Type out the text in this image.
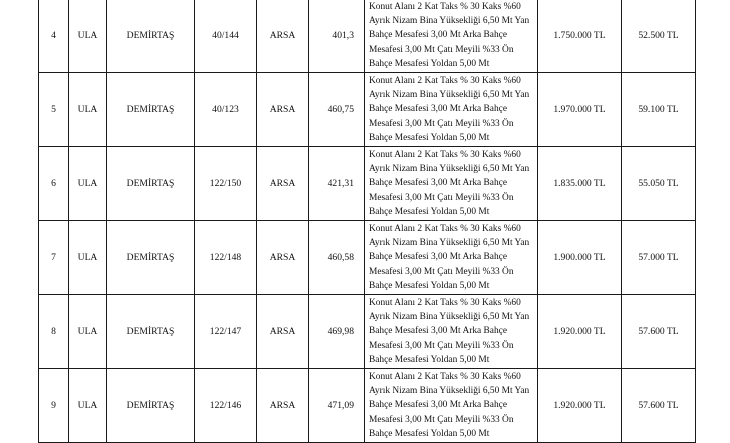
4	ULA	DEMİRTAŞ	40/144	ARSA	401,3	Konut Alanı 2 Kat Taks % 30 Kaks %60
Ayrık Nizam Bina Yüksekliği 6,50 Mt Yan
Bahçe Mesafesi 3,00 Mt Arka Bahçe
Mesafesi 3,00 Mt Çatı Meyili %33 Ön
Bahçe Mesafesi Yoldan 5,00 Mt	1.750.000 TL	52.500 TL
5	ULA	DEMİRTAŞ	40/123	ARSA	460,75	Konut Alanı 2 Kat Taks % 30 Kaks %60
Ayrık Nizam Bina Yüksekliği 6,50 Mt Yan
Bahçe Mesafesi 3,00 Mt Arka Bahçe
Mesafesi 3,00 Mt Çatı Meyili %33 Ön
Bahçe Mesafesi Yoldan 5,00 Mt	1.970.000 TL	59.100 TL
6	ULA	DEMİRTAŞ	122/150	ARSA	421,31	Konut Alanı 2 Kat Taks % 30 Kaks %60
Ayrık Nizam Bina Yüksekliği 6,50 Mt Yan
Bahçe Mesafesi 3,00 Mt Arka Bahçe
Mesafesi 3,00 Mt Çatı Meyili %33 Ön
Bahçe Mesafesi Yoldan 5,00 Mt	1.835.000 TL	55.050 TL
7	ULA	DEMİRTAŞ	122/148	ARSA	460,58	Konut Alanı 2 Kat Taks % 30 Kaks %60
Ayrık Nizam Bina Yüksekliği 6,50 Mt Yan
Bahçe Mesafesi 3,00 Mt Arka Bahçe
Mesafesi 3,00 Mt Çatı Meyili %33 Ön
Bahçe Mesafesi Yoldan 5,00 Mt	1.900.000 TL	57.000 TL
8	ULA	DEMİRTAŞ	122/147	ARSA	469,98	Konut Alanı 2 Kat Taks % 30 Kaks %60
Ayrık Nizam Bina Yüksekliği 6,50 Mt Yan
Bahçe Mesafesi 3,00 Mt Arka Bahçe
Mesafesi 3,00 Mt Çatı Meyili %33 Ön
Bahçe Mesafesi Yoldan 5,00 Mt	1.920.000 TL	57.600 TL
9	ULA	DEMİRTAŞ	122/146	ARSA	471,09	Konut Alanı 2 Kat Taks % 30 Kaks %60
Ayrık Nizam Bina Yüksekliği 6,50 Mt Yan
Bahçe Mesafesi 3,00 Mt Arka Bahçe
Mesafesi 3,00 Mt Çatı Meyili %33 Ön
Bahçe Mesafesi Yoldan 5,00 Mt	1.920.000 TL	57.600 TL
